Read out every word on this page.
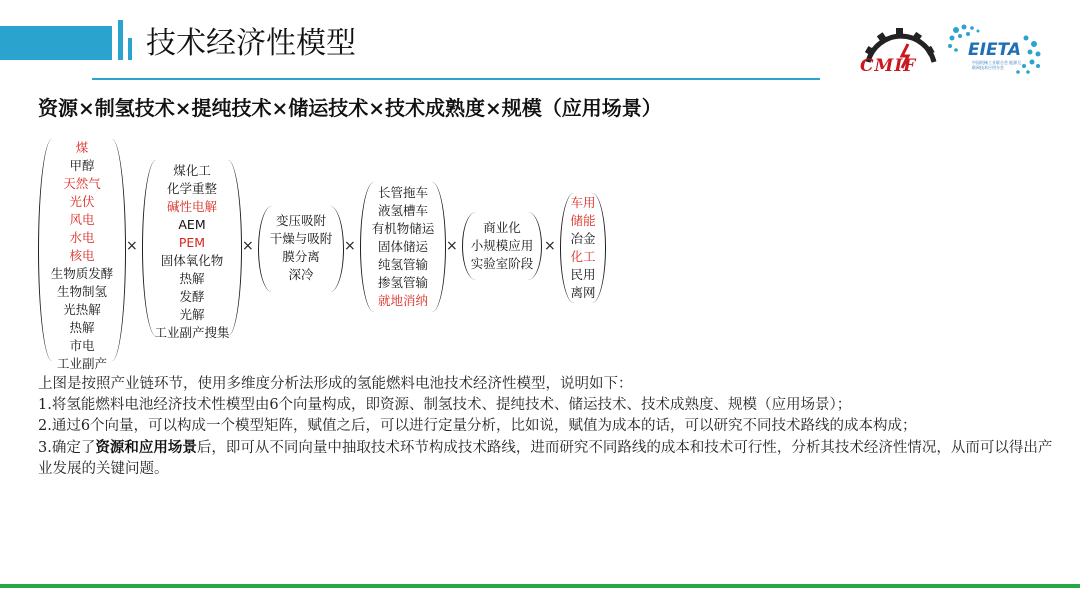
技术经济性模型
CMIF
EIETA
中国机械工业联合会 能源互联网技术应用分会
资源×制氢技术×提纯技术×储运技术×技术成熟度×规模（应用场景）
煤
甲醇
天然气
光伏
风电
水电
核电
生物质发酵
生物制氢
光热解
热解
市电
工业副产
×
煤化工
化学重整
碱性电解
AEM
PEM
固体氧化物
热解
发酵
光解
工业副产搜集
×
变压吸附
干燥与吸附
膜分离
深冷
×
长管拖车
液氢槽车
有机物储运
固体储运
纯氢管输
掺氢管输
就地消纳
×
商业化
小规模应用
实验室阶段
×
车用
储能
冶金
化工
民用
离网

上图是按照产业链环节，使用多维度分析法形成的氢能燃料电池技术经济性模型，说明如下：

1.将氢能燃料电池经济技术性模型由6个向量构成，即资源、制氢技术、提纯技术、储运技术、技术成熟度、规模（应用场景）；

2.通过6个向量，可以构成一个模型矩阵，赋值之后，可以进行定量分析，比如说，赋值为成本的话，可以研究不同技术路线的成本构成；

3.确定了资源和应用场景后，即可从不同向量中抽取技术环节构成技术路线，进而研究不同路线的成本和技术可行性，分析其技术经济性情况，从而可以得出产业发展的关键问题。
